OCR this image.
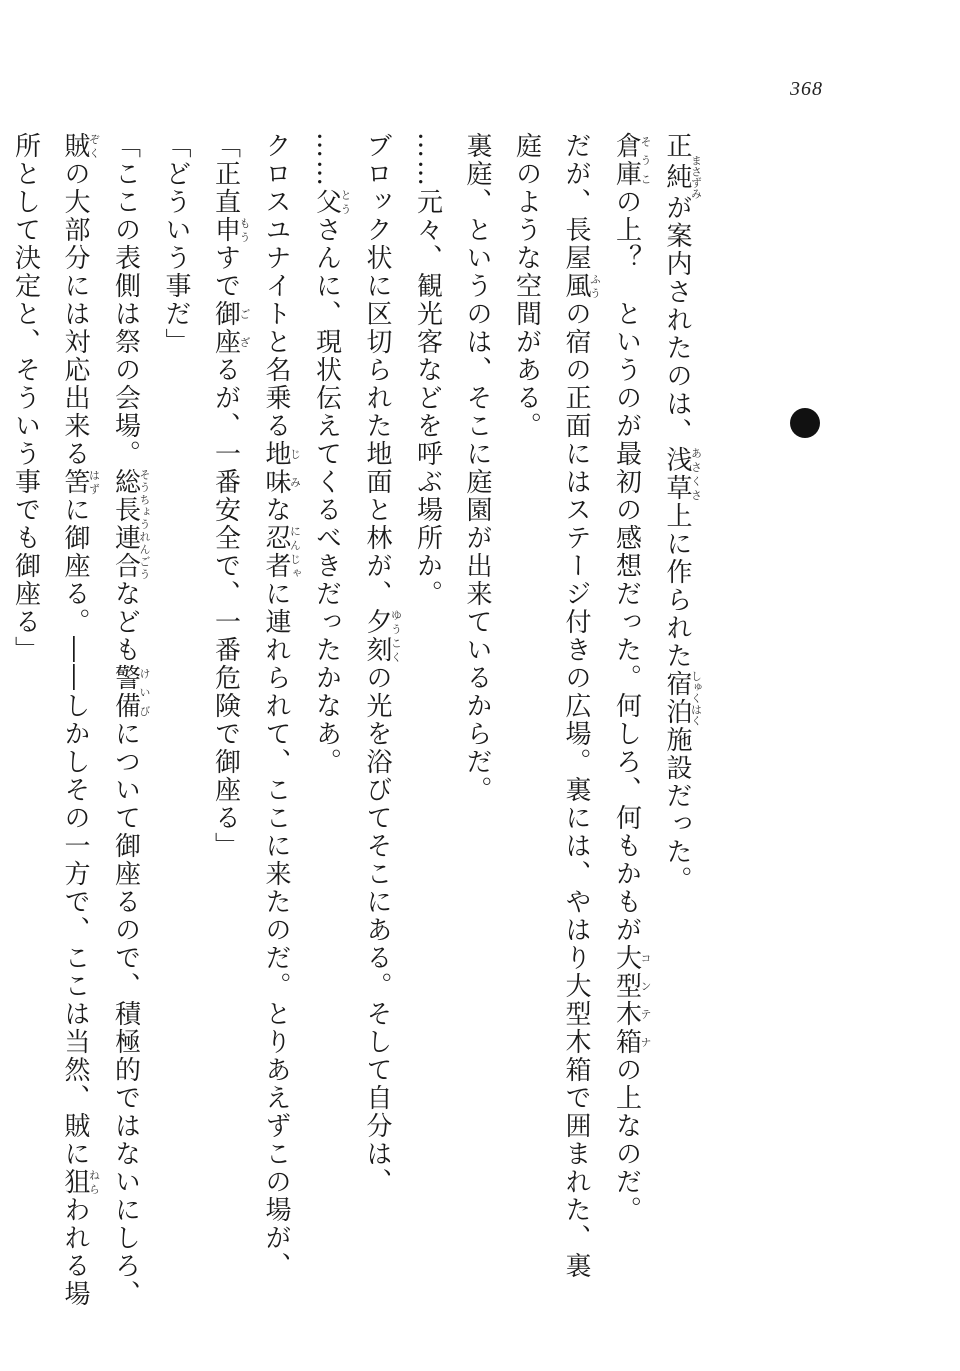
368
正純まさずみが案内されたのは、浅草あさくさ上に作られた宿泊しゅくはく施設だった。
倉庫そうこの上？　というのが最初の感想だった。何しろ、何もかもが大型木箱コンテナの上なのだ。
だが、長屋風ふうの宿の正面にはステージ付きの広場。裏には、やはり大型木箱で囲まれた、裏
庭のような空間がある。
裏庭、というのは、そこに庭園が出来ているからだ。
……元々、観光客などを呼ぶ場所か。
ブロック状に区切られた地面と林が、夕刻ゆうこくの光を浴びてそこにある。そして自分は、
……父とうさんに、現状伝えてくるべきだったかなあ。
クロスユナイトと名乗る地味じみな忍者にんじゃに連れられて、ここに来たのだ。とりあえずこの場が、
「正直申もうすで御座ござるが、一番安全で、一番危険で御座る」
「どういう事だ」
「ここの表側は祭の会場。総長連合そうちょうれんごうなども警備けいびについて御座るので、積極的ではないにしろ、
賊ぞくの大部分には対応出来る筈はずに御座る。――しかしその一方で、ここは当然、賊に狙ねらわれる場
所として決定と、そういう事でも御座る」
